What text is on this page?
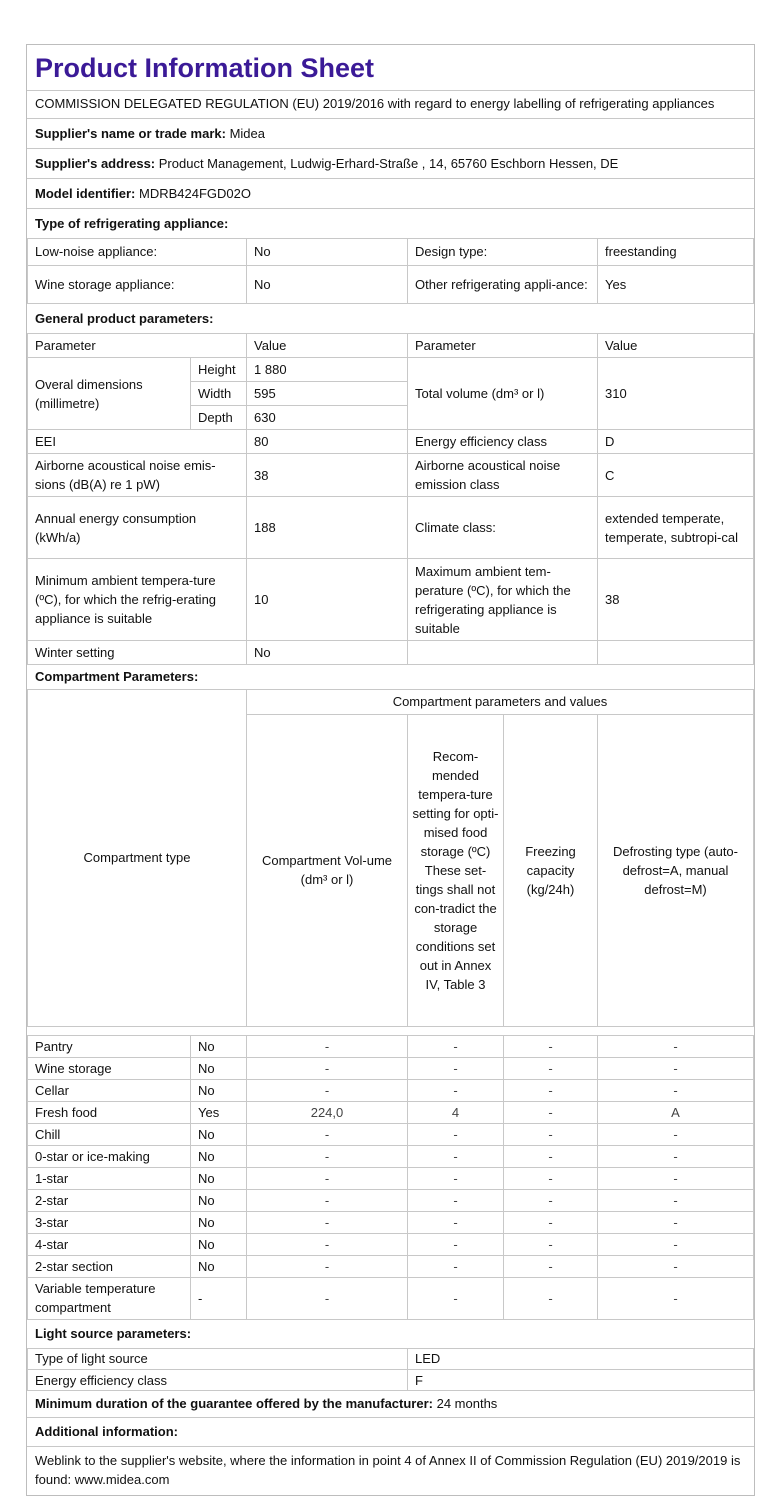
Product Information Sheet
COMMISSION DELEGATED REGULATION (EU) 2019/2016 with regard to energy labelling of refrigerating appliances
Supplier's name or trade mark: Midea
Supplier's address: Product Management, Ludwig-Erhard-Straße , 14, 65760 Eschborn Hessen, DE
Model identifier: MDRB424FGD02O
Type of refrigerating appliance:
Low-noise appliance:	No	Design type:	freestanding
Wine storage appliance:	No	Other refrigerating appli-ance:	Yes
General product parameters:
Parameter		Value	Parameter	Value
Overal dimensions (millimetre)	Height	1 880	Total volume (dm³ or l)	310
	Width	595		
	Depth	630		
EEI		80	Energy efficiency class	D
Airborne acoustical noise emis-sions (dB(A) re 1 pW)		38	Airborne acoustical noise emission class	C
Annual energy consumption (kWh/a)		188	Climate class:	extended temperate, temperate, subtropi-cal
Minimum ambient tempera-ture (ºC), for which the refrig-erating appliance is suitable		10	Maximum ambient tem-perature (ºC), for which the refrigerating appliance is suitable	38
Winter setting		No		
Compartment Parameters:
Compartment type	Compartment parameters and values			
	Compartment Vol-ume (dm³ or l)	Recom-mended tempera-ture setting for opti-mised food storage (ºC) These set-tings shall not con-tradict the storage conditions set out in Annex IV, Table 3	Freezing capacity (kg/24h)	Defrosting type (auto-defrost=A, manual defrost=M)
Pantry	No	-	-	-	-
Wine storage	No	-	-	-	-
Cellar	No	-	-	-	-
Fresh food	Yes	224,0	4	-	A
Chill	No	-	-	-	-
0-star or ice-making	No	-	-	-	-
1-star	No	-	-	-	-
2-star	No	-	-	-	-
3-star	No	-	-	-	-
4-star	No	-	-	-	-
2-star section	No	-	-	-	-
Variable temperature compartment	-	-	-	-	-
Light source parameters:
Type of light source	LED
Energy efficiency class	F
Minimum duration of the guarantee offered by the manufacturer: 24 months
Additional information:
Weblink to the supplier's website, where the information in point 4 of Annex II of Commission Regulation (EU) 2019/2019 is found: www.midea.com
